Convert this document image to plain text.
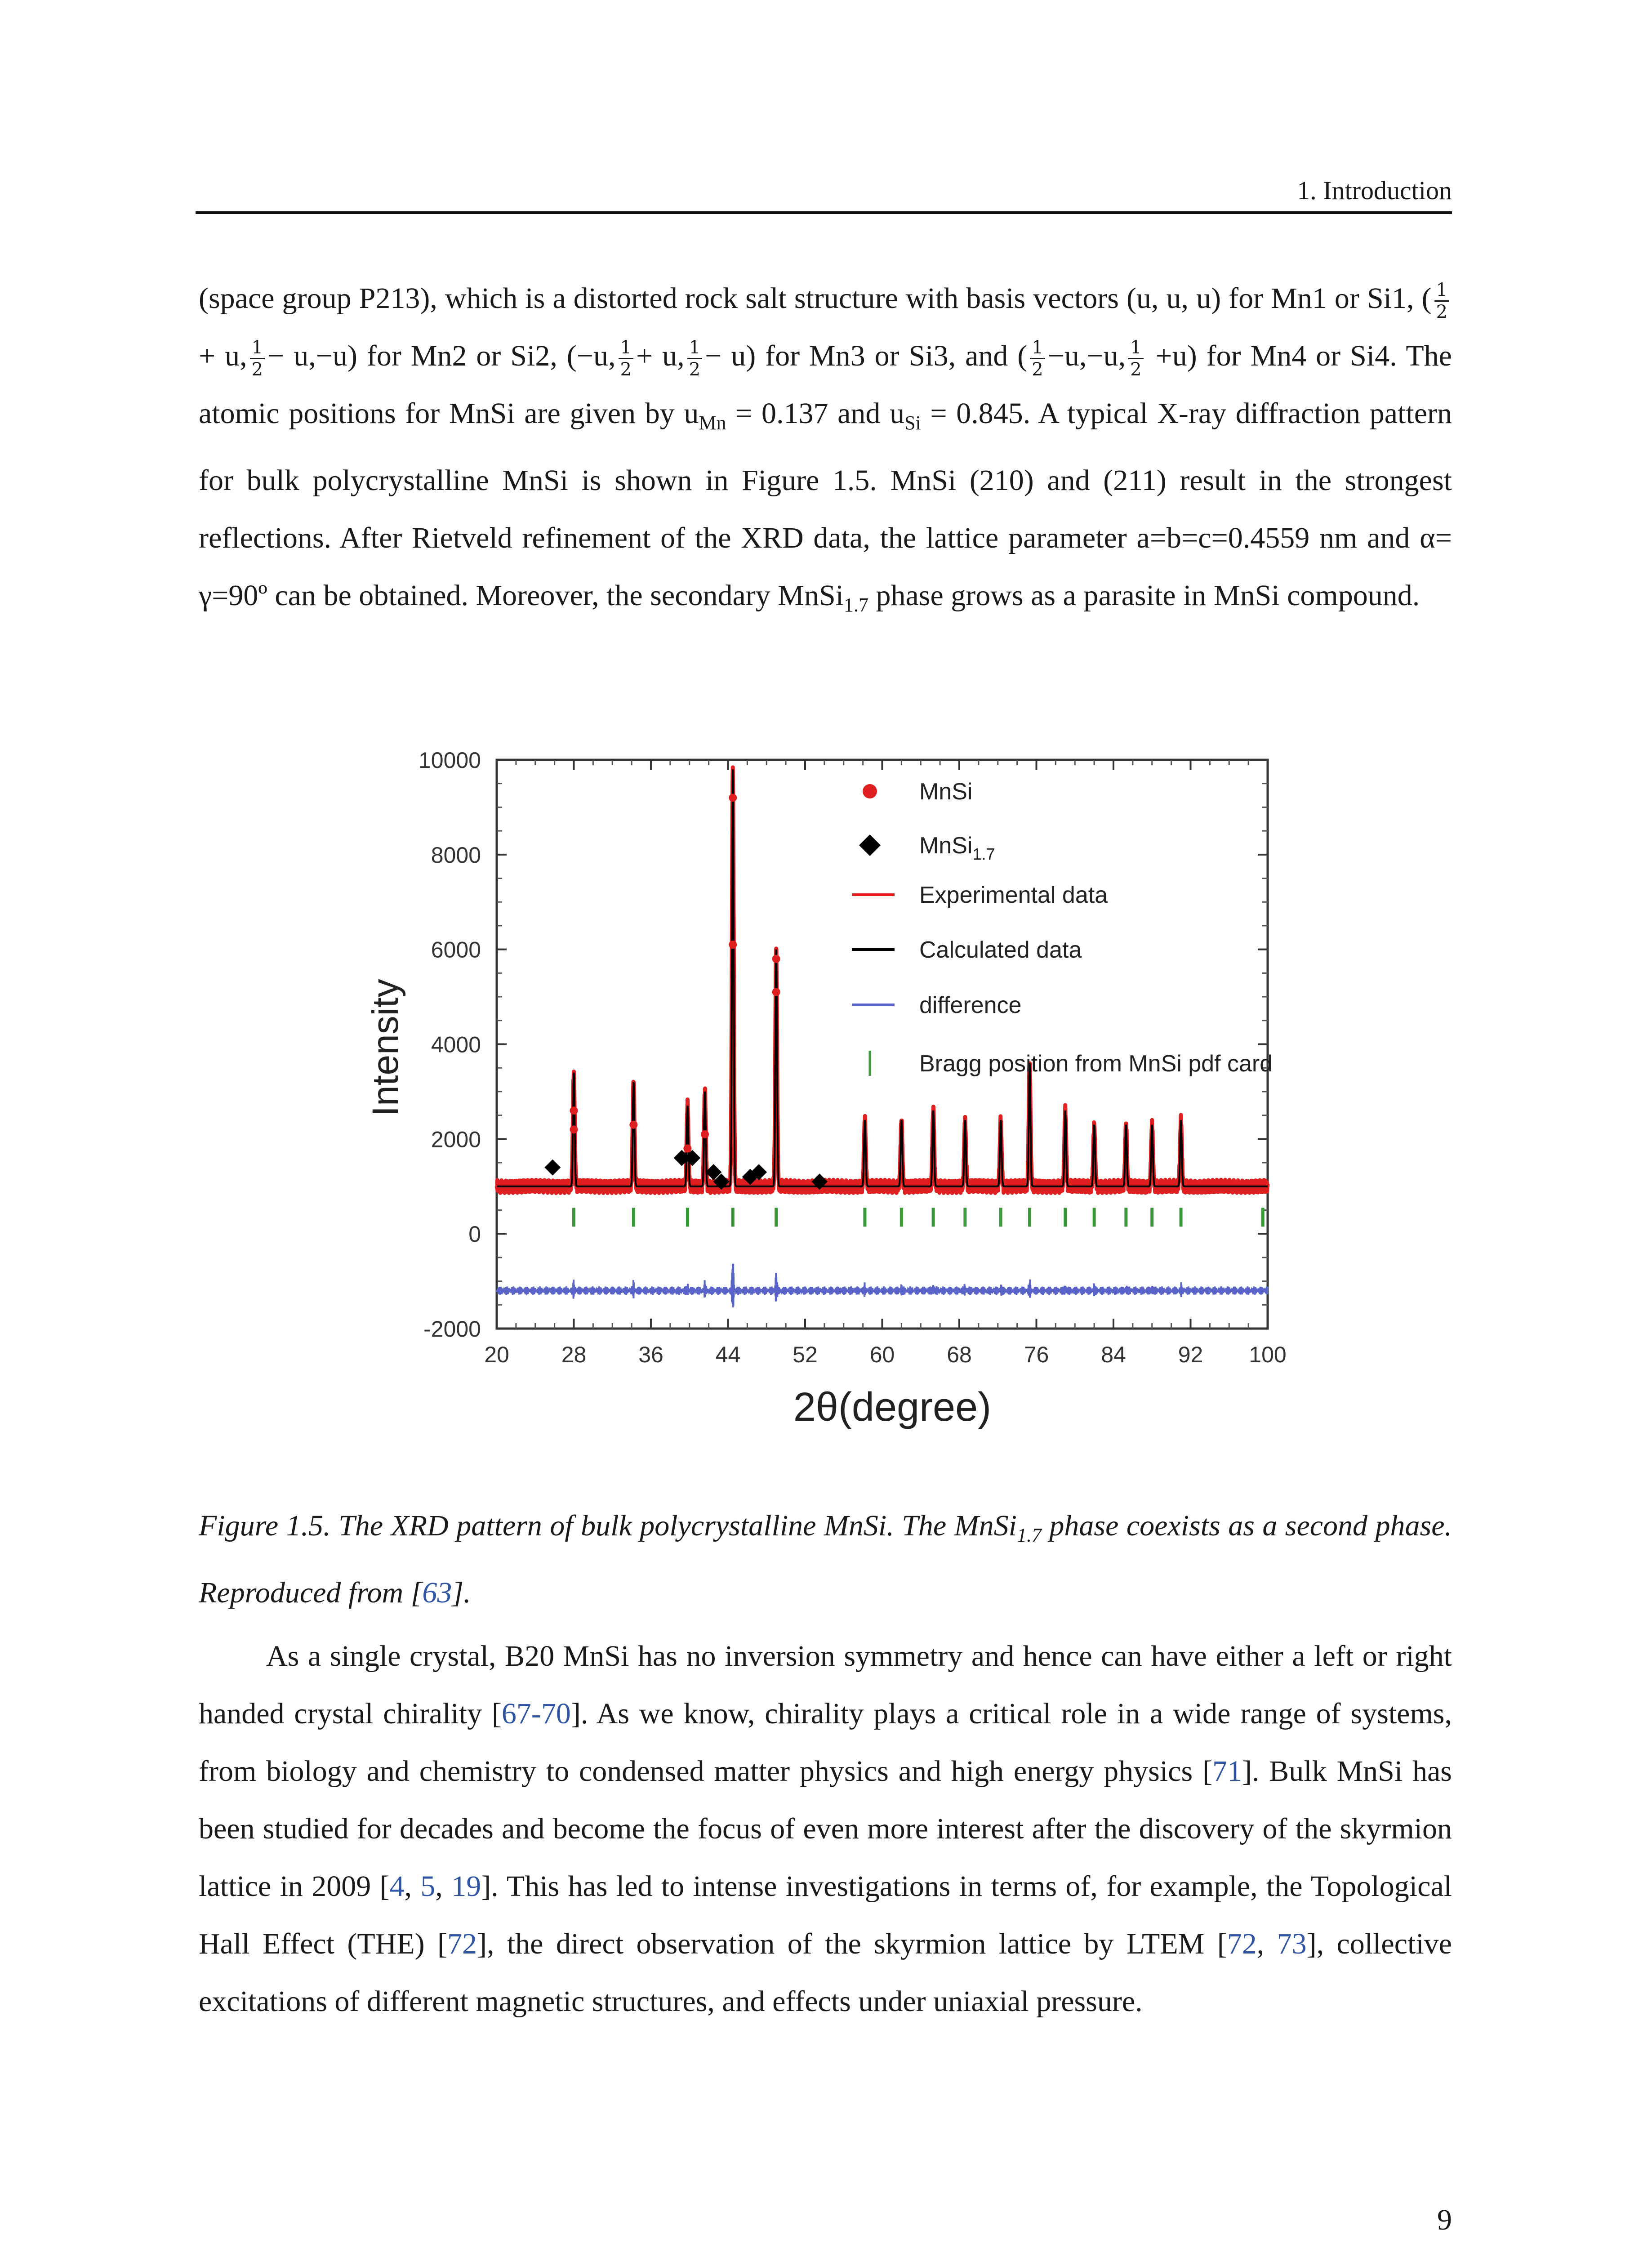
1. Introduction
(space group P213), which is a distorted rock salt structure with basis vectors (u, u, u) for Mn1 or Si1, ( $\frac{1}{2}$
+ u, $\frac{1}{2} - u,-u$) for Mn2 or Si2, (−u, $\frac{1}{2} + u$, $\frac{1}{2} - u$) for Mn3 or Si3, and ( $\frac{1}{2} -u,-u$, $\frac{1}{2} +u$) for Mn4 or Si4. The atomic positions for MnSi are given by $u_{Mn} = 0.137$ and $u_{Si} = 0.845$. A typical X-ray diffraction pattern for bulk polycrystalline MnSi is shown in Figure 1.5. MnSi (210) and (211) result in the strongest reflections. After Rietveld refinement of the XRD data, the lattice parameter a=b=c=0.4559 nm and α= γ=90º can be obtained. Moreover, the secondary MnSi$_{1.7}$ phase grows as a parasite in MnSi compound.
20 28 36 44 52 60 68 76 84 92 100
10000
8000
6000
4000
2000
0
-2000
2θ(degree)
Intensity
MnSi
MnSi$_{1.7}$
Experimental data
Calculated data
difference
Bragg position from MnSi pdf card
Figure 1.5. The XRD pattern of bulk polycrystalline MnSi. The MnSi$_{1.7}$ phase coexists as a second phase. Reproduced from [63].
As a single crystal, B20 MnSi has no inversion symmetry and hence can have either a left or right handed crystal chirality [67-70]. As we know, chirality plays a critical role in a wide range of systems, from biology and chemistry to condensed matter physics and high energy physics [71]. Bulk MnSi has been studied for decades and become the focus of even more interest after the discovery of the skyrmion lattice in 2009 [4, 5, 19]. This has led to intense investigations in terms of, for example, the Topological Hall Effect (THE) [72], the direct observation of the skyrmion lattice by LTEM [72, 73], collective excitations of different magnetic structures, and effects under uniaxial pressure.
9
